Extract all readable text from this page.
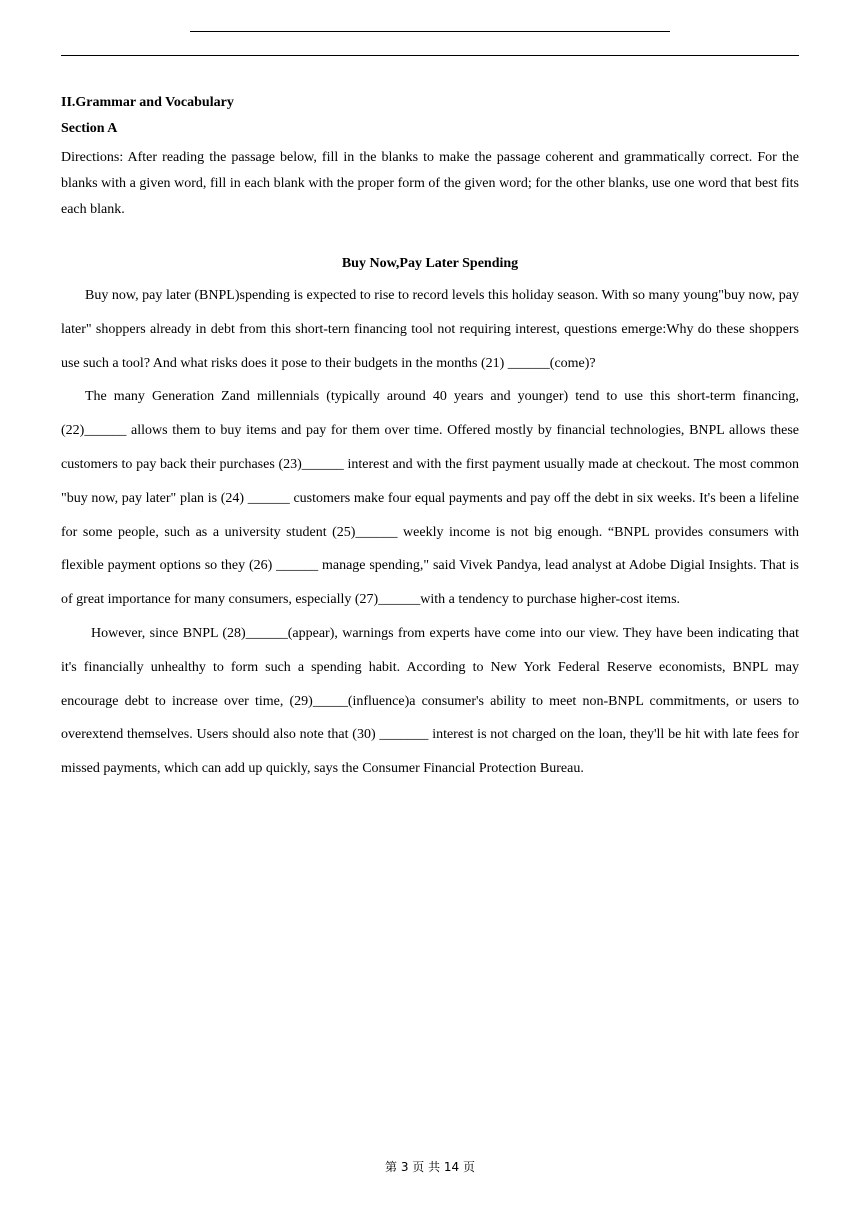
II.Grammar and Vocabulary
Section A

Directions: After reading the passage below, fill in the blanks to make the passage coherent and grammatically correct. For the blanks with a given word, fill in each blank with the proper form of the given word; for the other blanks, use one word that best fits each blank.

Buy Now,Pay Later Spending

Buy now, pay later (BNPL)spending is expected to rise to record levels this holiday season. With so many young"buy now, pay later" shoppers already in debt from this short-tern financing tool not requiring interest, questions emerge:Why do these shoppers use such a tool? And what risks does it pose to their budgets in the months (21) ______(come)?

The many Generation Zand millennials (typically around 40 years and younger) tend to use this short-term financing, (22)______ allows them to buy items and pay for them over time. Offered mostly by financial technologies, BNPL allows these customers to pay back their purchases (23)______ interest and with the first payment usually made at checkout. The most common "buy now, pay later" plan is (24) ______ customers make four equal payments and pay off the debt in six weeks. It's been a lifeline for some people, such as a university student (25)______ weekly income is not big enough. “BNPL provides consumers with flexible payment options so they (26) ______ manage spending," said Vivek Pandya, lead analyst at Adobe Digial Insights. That is of great importance for many consumers, especially (27)______with a tendency to purchase higher-cost items.

However, since BNPL (28)______(appear), warnings from experts have come into our view. They have been indicating that it's financially unhealthy to form such a spending habit. According to New York Federal Reserve economists, BNPL may encourage debt to increase over time, (29)_____(influence)a consumer's ability to meet non-BNPL commitments, or users to overextend themselves. Users should also note that (30) _______ interest is not charged on the loan, they'll be hit with late fees for missed payments, which can add up quickly, says the Consumer Financial Protection Bureau.

第 3 页 共 14 页
